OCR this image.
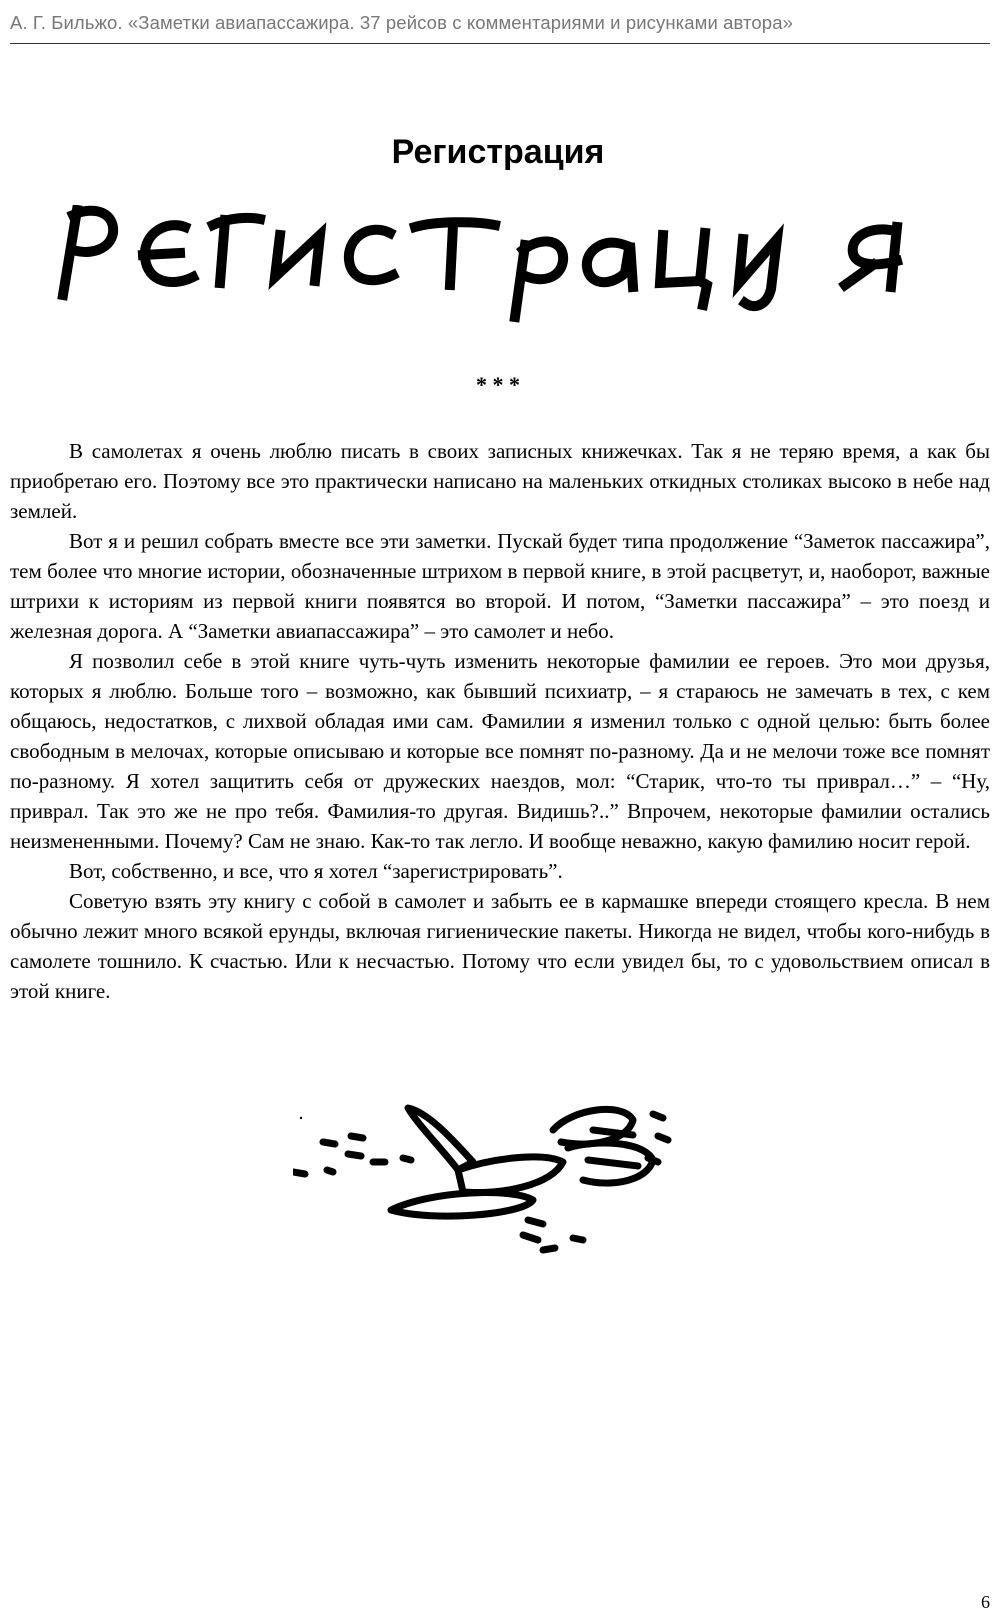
А. Г. Бильжо. «Заметки авиапассажира. 37 рейсов с комментариями и рисунками автора»
Регистрация
* * *

В самолетах я очень люблю писать в своих записных книжечках. Так я не теряю время, а как бы приобретаю его. Поэтому все это практически написано на маленьких откидных столиках высоко в небе над землей.

Вот я и решил собрать вместе все эти заметки. Пускай будет типа продолжение “Заметок пассажира”, тем более что многие истории, обозначенные штрихом в первой книге, в этой расцветут, и, наоборот, важные штрихи к историям из первой книги появятся во второй. И потом, “Заметки пассажира” – это поезд и железная дорога. А “Заметки авиапассажира” – это самолет и небо.

Я позволил себе в этой книге чуть-чуть изменить некоторые фамилии ее героев. Это мои друзья, которых я люблю. Больше того – возможно, как бывший психиатр, – я стараюсь не замечать в тех, с кем общаюсь, недостатков, с лихвой обладая ими сам. Фамилии я изменил только с одной целью: быть более свободным в мелочах, которые описываю и которые все помнят по-разному. Да и не мелочи тоже все помнят по-разному. Я хотел защитить себя от дружеских наездов, мол: “Старик, что-то ты приврал…” – “Ну, приврал. Так это же не про тебя. Фамилия-то другая. Видишь?..” Впрочем, некоторые фамилии остались неизмененными. Почему? Сам не знаю. Как-то так легло. И вообще неважно, какую фамилию носит герой.

Вот, собственно, и все, что я хотел “зарегистрировать”.

Советую взять эту книгу с собой в самолет и забыть ее в кармашке впереди стоящего кресла. В нем обычно лежит много всякой ерунды, включая гигиенические пакеты. Никогда не видел, чтобы кого-нибудь в самолете тошнило. К счастью. Или к несчастью. Потому что если увидел бы, то с удовольствием описал в этой книге.

6
